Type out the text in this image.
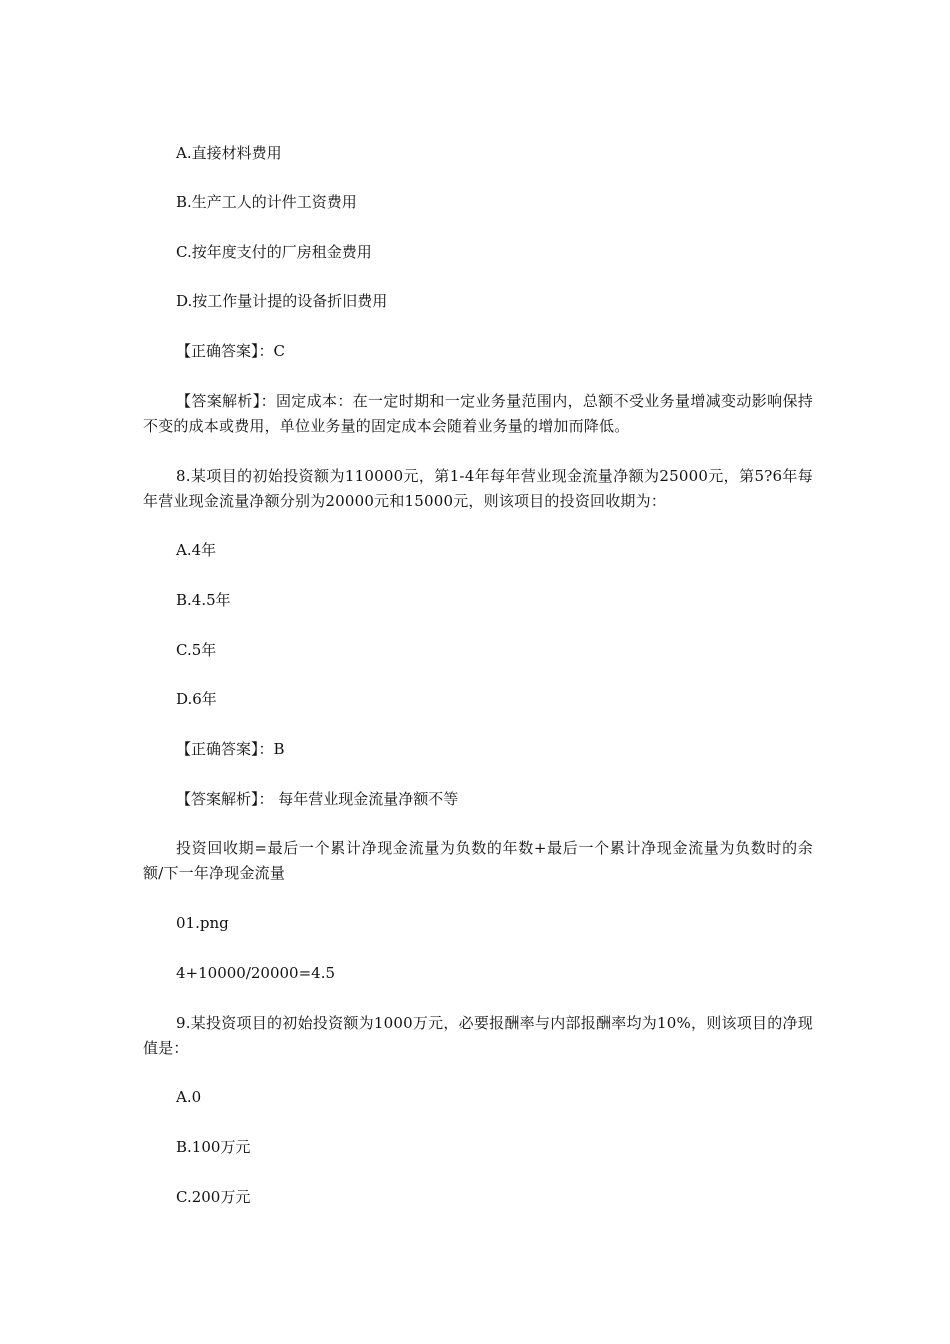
A.直接材料费用
B.生产工人的计件工资费用
C.按年度支付的厂房租金费用
D.按工作量计提的设备折旧费用
【正确答案】：C
【答案解析】：固定成本：在一定时期和一定业务量范围内，总额不受业务量增减变动影响保持不变的成本或费用，单位业务量的固定成本会随着业务量的增加而降低。
8.某项目的初始投资额为110000元，第1-4年每年营业现金流量净额为25000元，第5?6年每年营业现金流量净额分别为20000元和15000元，则该项目的投资回收期为：
A.4年
B.4.5年
C.5年
D.6年
【正确答案】：B
【答案解析】： 每年营业现金流量净额不等
投资回收期=最后一个累计净现金流量为负数的年数+最后一个累计净现金流量为负数时的余额/下一年净现金流量
01.png
4+10000/20000=4.5
9.某投资项目的初始投资额为1000万元，必要报酬率与内部报酬率均为10%，则该项目的净现值是：
A.0
B.100万元
C.200万元
